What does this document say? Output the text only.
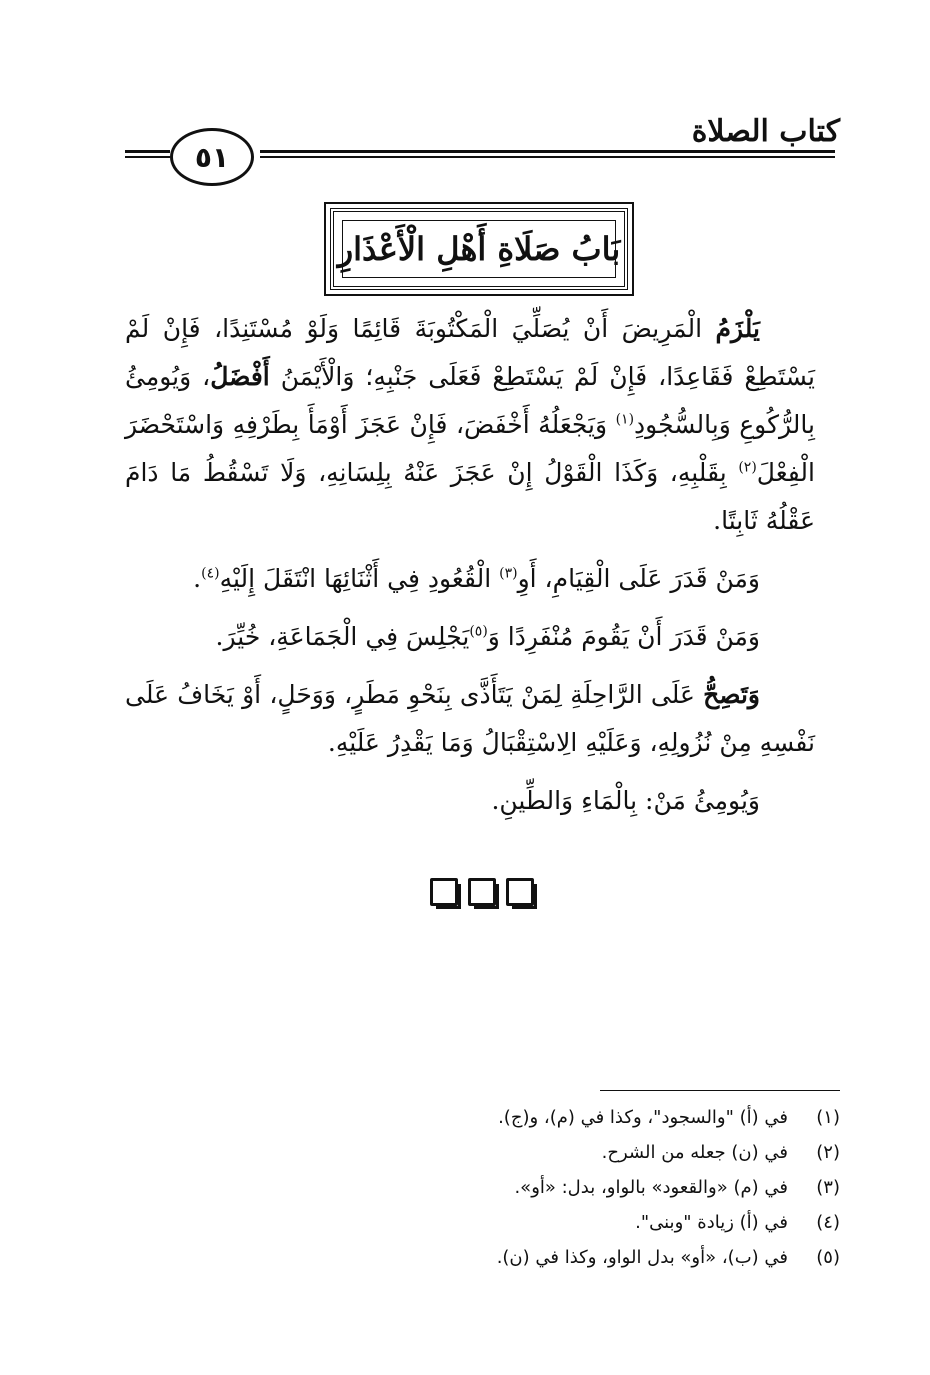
كتاب الصلاة
٥١
بَابُ صَلَاةِ أَهْلِ الْأَعْذَارِ

يَلْزَمُ الْمَرِيضَ أَنْ يُصَلِّيَ الْمَكْتُوبَةَ قَائِمًا وَلَوْ مُسْتَنِدًا، فَإِنْ لَمْ يَسْتَطِعْ فَقَاعِدًا، فَإِنْ لَمْ يَسْتَطِعْ فَعَلَى جَنْبِهِ؛ وَالْأَيْمَنُ أَفْضَلُ، وَيُومِئُ بِالرُّكُوعِ وَبِالسُّجُودِ$^{(١)}$ وَيَجْعَلُهُ أَخْفَضَ، فَإِنْ عَجَزَ أَوْمَأَ بِطَرْفِهِ وَاسْتَحْضَرَ الْفِعْلَ$^{(٢)}$ بِقَلْبِهِ، وَكَذَا الْقَوْلُ إِنْ عَجَزَ عَنْهُ بِلِسَانِهِ، وَلَا تَسْقُطُ مَا دَامَ عَقْلُهُ ثَابِتًا.

وَمَنْ قَدَرَ عَلَى الْقِيَامِ، أَوِ$^{(٣)}$ الْقُعُودِ فِي أَثْنَائِهَا انْتَقَلَ إِلَيْهِ$^{(٤)}$.

وَمَنْ قَدَرَ أَنْ يَقُومَ مُنْفَرِدًا وَ$^{(٥)}$يَجْلِسَ فِي الْجَمَاعَةِ، خُيِّرَ.

وَتَصِحُّ عَلَى الرَّاحِلَةِ لِمَنْ يَتَأَذَّى بِنَحْوِ مَطَرٍ، وَوَحَلٍ، أَوْ يَخَافُ عَلَى نَفْسِهِ مِنْ نُزُولِهِ، وَعَلَيْهِ الِاسْتِقْبَالُ وَمَا يَقْدِرُ عَلَيْهِ.

وَيُومِئُ مَنْ: بِالْمَاءِ وَالطِّينِ.

(١)
في (أ) "والسجود"، وكذا في (م)، و(ج).
(٢)
في (ن) جعله من الشرح.
(٣)
في (م) «والقعود» بالواو، بدل: «أو».
(٤)
في (أ) زيادة "وبنى".
(٥)
في (ب)، «أو» بدل الواو، وكذا في (ن).
